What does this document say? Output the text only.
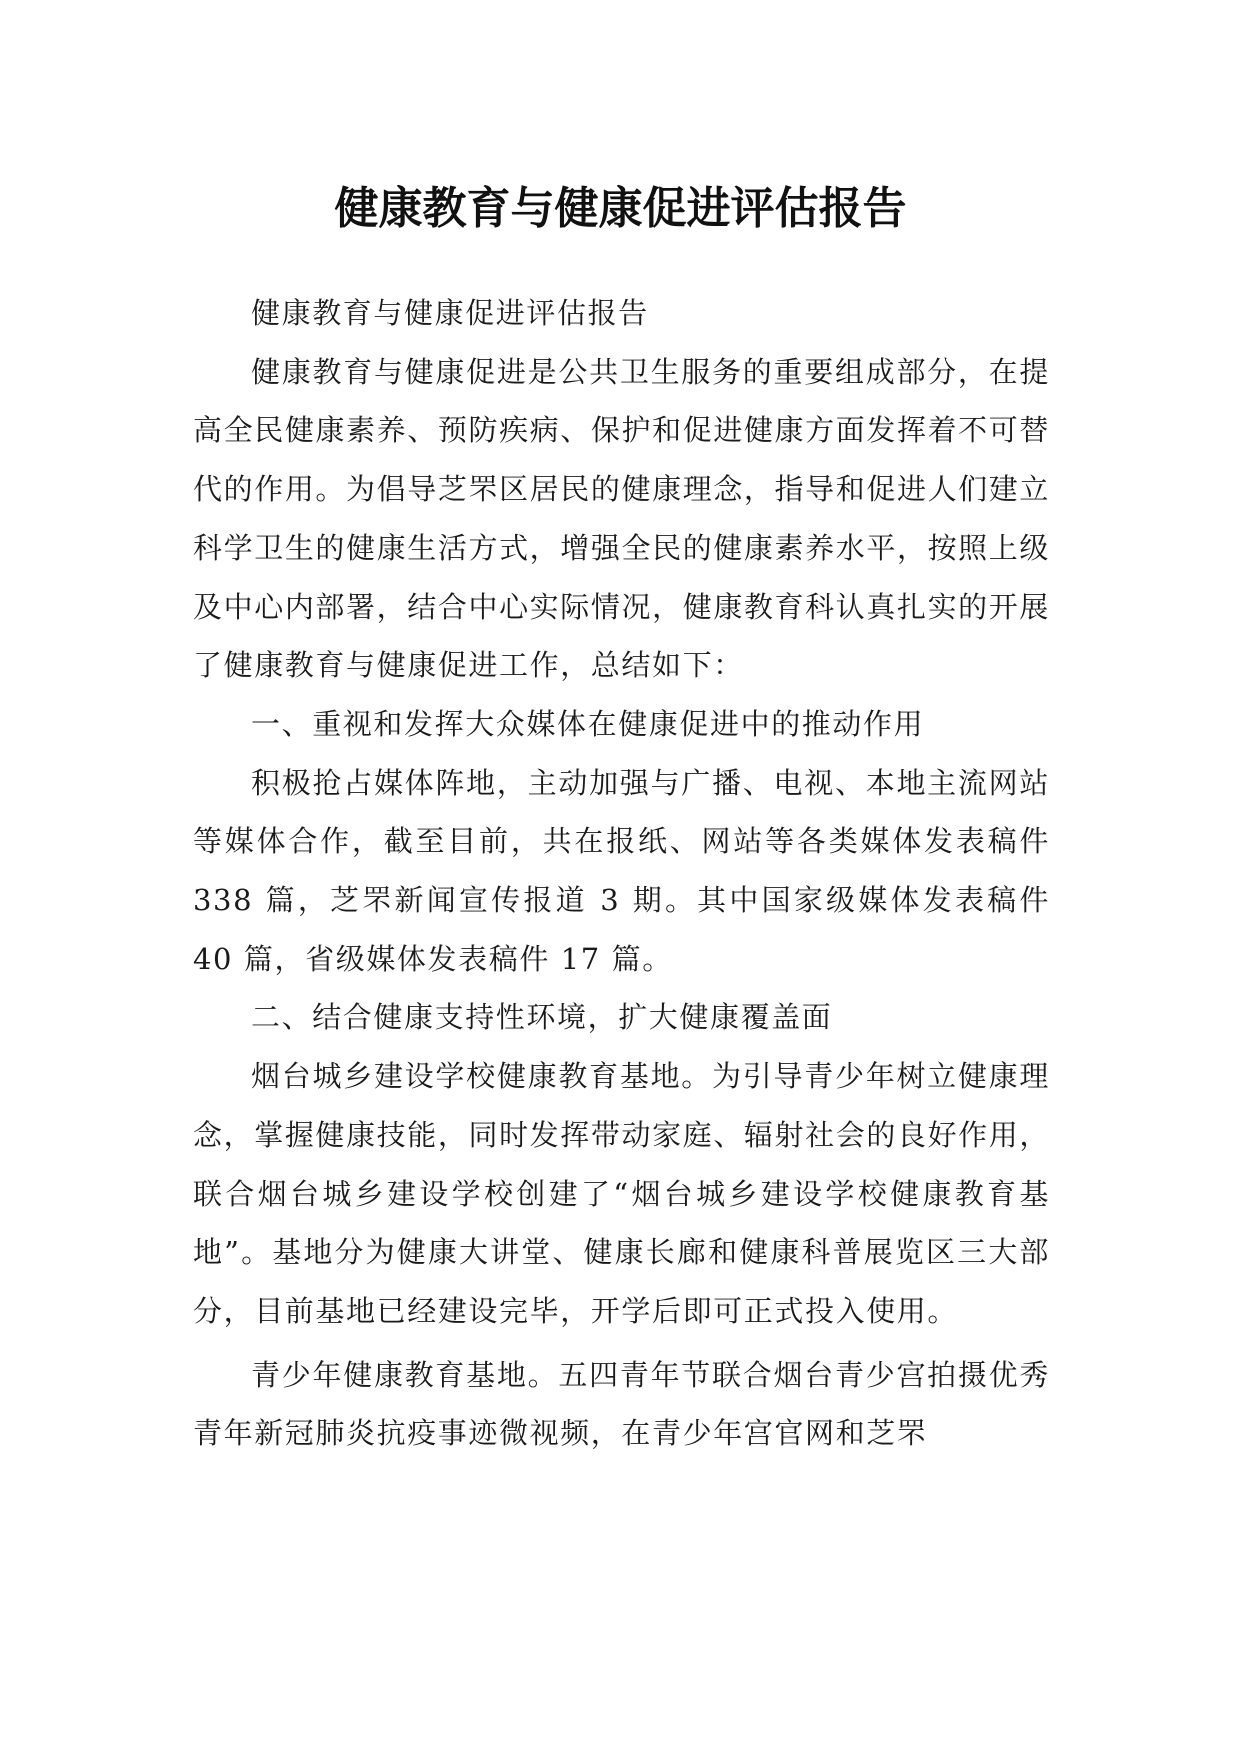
健康教育与健康促进评估报告

健康教育与健康促进评估报告

健康教育与健康促进是公共卫生服务的重要组成部分，在提高全民健康素养、预防疾病、保护和促进健康方面发挥着不可替代的作用。为倡导芝罘区居民的健康理念，指导和促进人们建立科学卫生的健康生活方式，增强全民的健康素养水平，按照上级及中心内部署，结合中心实际情况，健康教育科认真扎实的开展了健康教育与健康促进工作，总结如下：

一、重视和发挥大众媒体在健康促进中的推动作用

积极抢占媒体阵地，主动加强与广播、电视、本地主流网站等媒体合作，截至目前，共在报纸、网站等各类媒体发表稿件 338 篇，芝罘新闻宣传报道 3 期。其中国家级媒体发表稿件 40 篇，省级媒体发表稿件 17 篇。

二、结合健康支持性环境，扩大健康覆盖面

烟台城乡建设学校健康教育基地。为引导青少年树立健康理念，掌握健康技能，同时发挥带动家庭、辐射社会的良好作用，联合烟台城乡建设学校创建了“烟台城乡建设学校健康教育基地”。基地分为健康大讲堂、健康长廊和健康科普展览区三大部分，目前基地已经建设完毕，开学后即可正式投入使用。

青少年健康教育基地。五四青年节联合烟台青少宫拍摄优秀青年新冠肺炎抗疫事迹微视频，在青少年宫官网和芝罘
